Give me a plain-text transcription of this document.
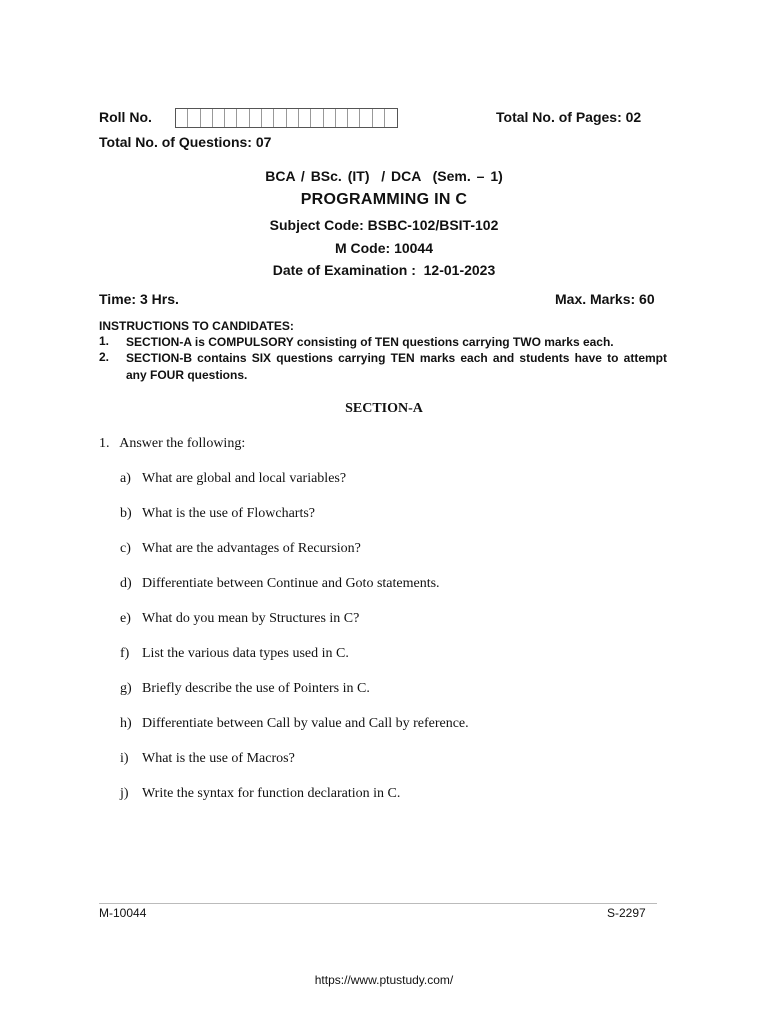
Roll No.	Total No. of Pages: 02
Total No. of Questions: 07
BCA / BSc. (IT)  / DCA  (Sem. – 1)
PROGRAMMING IN C
Subject Code: BSBC-102/BSIT-102
M Code: 10044
Date of Examination :  12-01-2023
Time: 3 Hrs.	Max. Marks: 60
INSTRUCTIONS TO CANDIDATES:
1.	SECTION-A is COMPULSORY consisting of TEN questions carrying TWO marks each.
2.	SECTION-B contains SIX questions carrying TEN marks each and students have to attempt any FOUR questions.
SECTION-A
1.   Answer the following:
a) What are global and local variables?
b) What is the use of Flowcharts?
c) What are the advantages of Recursion?
d) Differentiate between Continue and Goto statements.
e) What do you mean by Structures in C?
f) List the various data types used in C.
g) Briefly describe the use of Pointers in C.
h) Differentiate between Call by value and Call by reference.
i) What is the use of Macros?
j) Write the syntax for function declaration in C.
M-10044	S-2297
https://www.ptustudy.com/
